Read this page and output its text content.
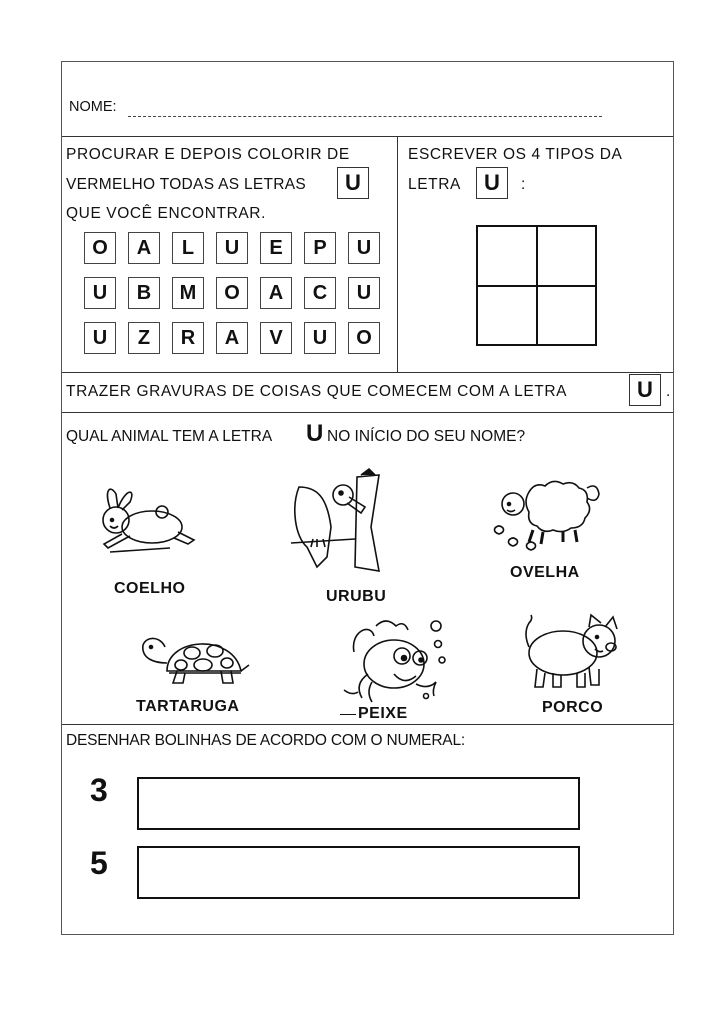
NOME:
PROCURAR E DEPOIS COLORIR DE
VERMELHO TODAS AS LETRAS	U
QUE VOCÊ ENCONTRAR.
O	A	L	U	E	P	U
U	B	M	O	A	C	U
U	Z	R	A	V	U	O
ESCREVER OS 4 TIPOS DA
LETRA	U	:
TRAZER GRAVURAS DE COISAS QUE COMECEM COM A LETRA	U .
QUAL ANIMAL TEM A LETRA U NO INÍCIO DO SEU NOME?
COELHO	URUBU
OVELHA
TARTARUGA	PEIXE	PORCO
DESENHAR BOLINHAS DE ACORDO COM O NUMERAL:
3
5
